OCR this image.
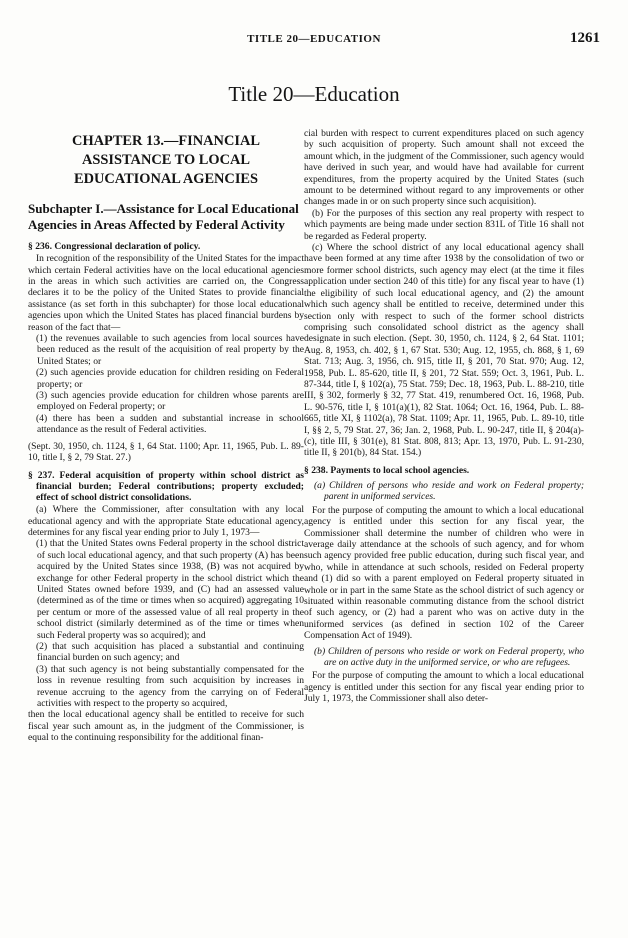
TITLE 20—EDUCATION	1261
Title 20—Education

CHAPTER 13.—FINANCIAL ASSISTANCE TO LOCAL EDUCATIONAL AGENCIES

Subchapter I.—Assistance for Local Educational Agencies in Areas Affected by Federal Activity

§ 236. Congressional declaration of policy.

In recognition of the responsibility of the United States for the impact which certain Federal activities have on the local educational agencies in the areas in which such activities are carried on, the Congress declares it to be the policy of the United States to provide financial assistance (as set forth in this subchapter) for those local educational agencies upon which the United States has placed financial burdens by reason of the fact that—

(1) the revenues available to such agencies from local sources have been reduced as the result of the acquisition of real property by the United States; or

(2) such agencies provide education for children residing on Federal property; or

(3) such agencies provide education for children whose parents are employed on Federal property; or

(4) there has been a sudden and substantial increase in school attendance as the result of Federal activities.

(Sept. 30, 1950, ch. 1124, § 1, 64 Stat. 1100; Apr. 11, 1965, Pub. L. 89-10, title I, § 2, 79 Stat. 27.)

§ 237. Federal acquisition of property within school district as financial burden; Federal contributions; property excluded; effect of school district consolidations.

(a) Where the Commissioner, after consultation with any local educational agency and with the appropriate State educational agency, determines for any fiscal year ending prior to July 1, 1973—

(1) that the United States owns Federal property in the school district of such local educational agency, and that such property (A) has been acquired by the United States since 1938, (B) was not acquired by exchange for other Federal property in the school district which the United States owned before 1939, and (C) had an assessed value (determined as of the time or times when so acquired) aggregating 10 per centum or more of the assessed value of all real property in the school district (similarly determined as of the time or times when such Federal property was so acquired); and

(2) that such acquisition has placed a substantial and continuing financial burden on such agency; and

(3) that such agency is not being substantially compensated for the loss in revenue resulting from such acquisition by increases in revenue accruing to the agency from the carrying on of Federal activities with respect to the property so acquired,

then the local educational agency shall be entitled to receive for such fiscal year such amount as, in the judgment of the Commissioner, is equal to the continuing responsibility for the additional finan-

cial burden with respect to current expenditures placed on such agency by such acquisition of property. Such amount shall not exceed the amount which, in the judgment of the Commissioner, such agency would have derived in such year, and would have had available for current expenditures, from the property acquired by the United States (such amount to be determined without regard to any improvements or other changes made in or on such property since such acquisition).

(b) For the purposes of this section any real property with respect to which payments are being made under section 831L of Title 16 shall not be regarded as Federal property.

(c) Where the school district of any local educational agency shall have been formed at any time after 1938 by the consolidation of two or more former school districts, such agency may elect (at the time it files application under section 240 of this title) for any fiscal year to have (1) the eligibility of such local educational agency, and (2) the amount which such agency shall be entitled to receive, determined under this section only with respect to such of the former school districts comprising such consolidated school district as the agency shall designate in such election. (Sept. 30, 1950, ch. 1124, § 2, 64 Stat. 1101; Aug. 8, 1953, ch. 402, § 1, 67 Stat. 530; Aug. 12, 1955, ch. 868, § 1, 69 Stat. 713; Aug. 3, 1956, ch. 915, title II, § 201, 70 Stat. 970; Aug. 12, 1958, Pub. L. 85-620, title II, § 201, 72 Stat. 559; Oct. 3, 1961, Pub. L. 87-344, title I, § 102(a), 75 Stat. 759; Dec. 18, 1963, Pub. L. 88-210, title III, § 302, formerly § 32, 77 Stat. 419, renumbered Oct. 16, 1968, Pub. L. 90-576, title I, § 101(a)(1), 82 Stat. 1064; Oct. 16, 1964, Pub. L. 88-665, title XI, § 1102(a), 78 Stat. 1109; Apr. 11, 1965, Pub. L. 89-10, title I, §§ 2, 5, 79 Stat. 27, 36; Jan. 2, 1968, Pub. L. 90-247, title II, § 204(a)-(c), title III, § 301(e), 81 Stat. 808, 813; Apr. 13, 1970, Pub. L. 91-230, title II, § 201(b), 84 Stat. 154.)

§ 238. Payments to local school agencies.

(a) Children of persons who reside and work on Federal property; parent in uniformed services.

For the purpose of computing the amount to which a local educational agency is entitled under this section for any fiscal year, the Commissioner shall determine the number of children who were in average daily attendance at the schools of such agency, and for whom such agency provided free public education, during such fiscal year, and who, while in attendance at such schools, resided on Federal property and (1) did so with a parent employed on Federal property situated in whole or in part in the same State as the school district of such agency or situated within reasonable commuting distance from the school district of such agency, or (2) had a parent who was on active duty in the uniformed services (as defined in section 102 of the Career Compensation Act of 1949).

(b) Children of persons who reside or work on Federal property, who are on active duty in the uniformed service, or who are refugees.

For the purpose of computing the amount to which a local educational agency is entitled under this section for any fiscal year ending prior to July 1, 1973, the Commissioner shall also deter-
